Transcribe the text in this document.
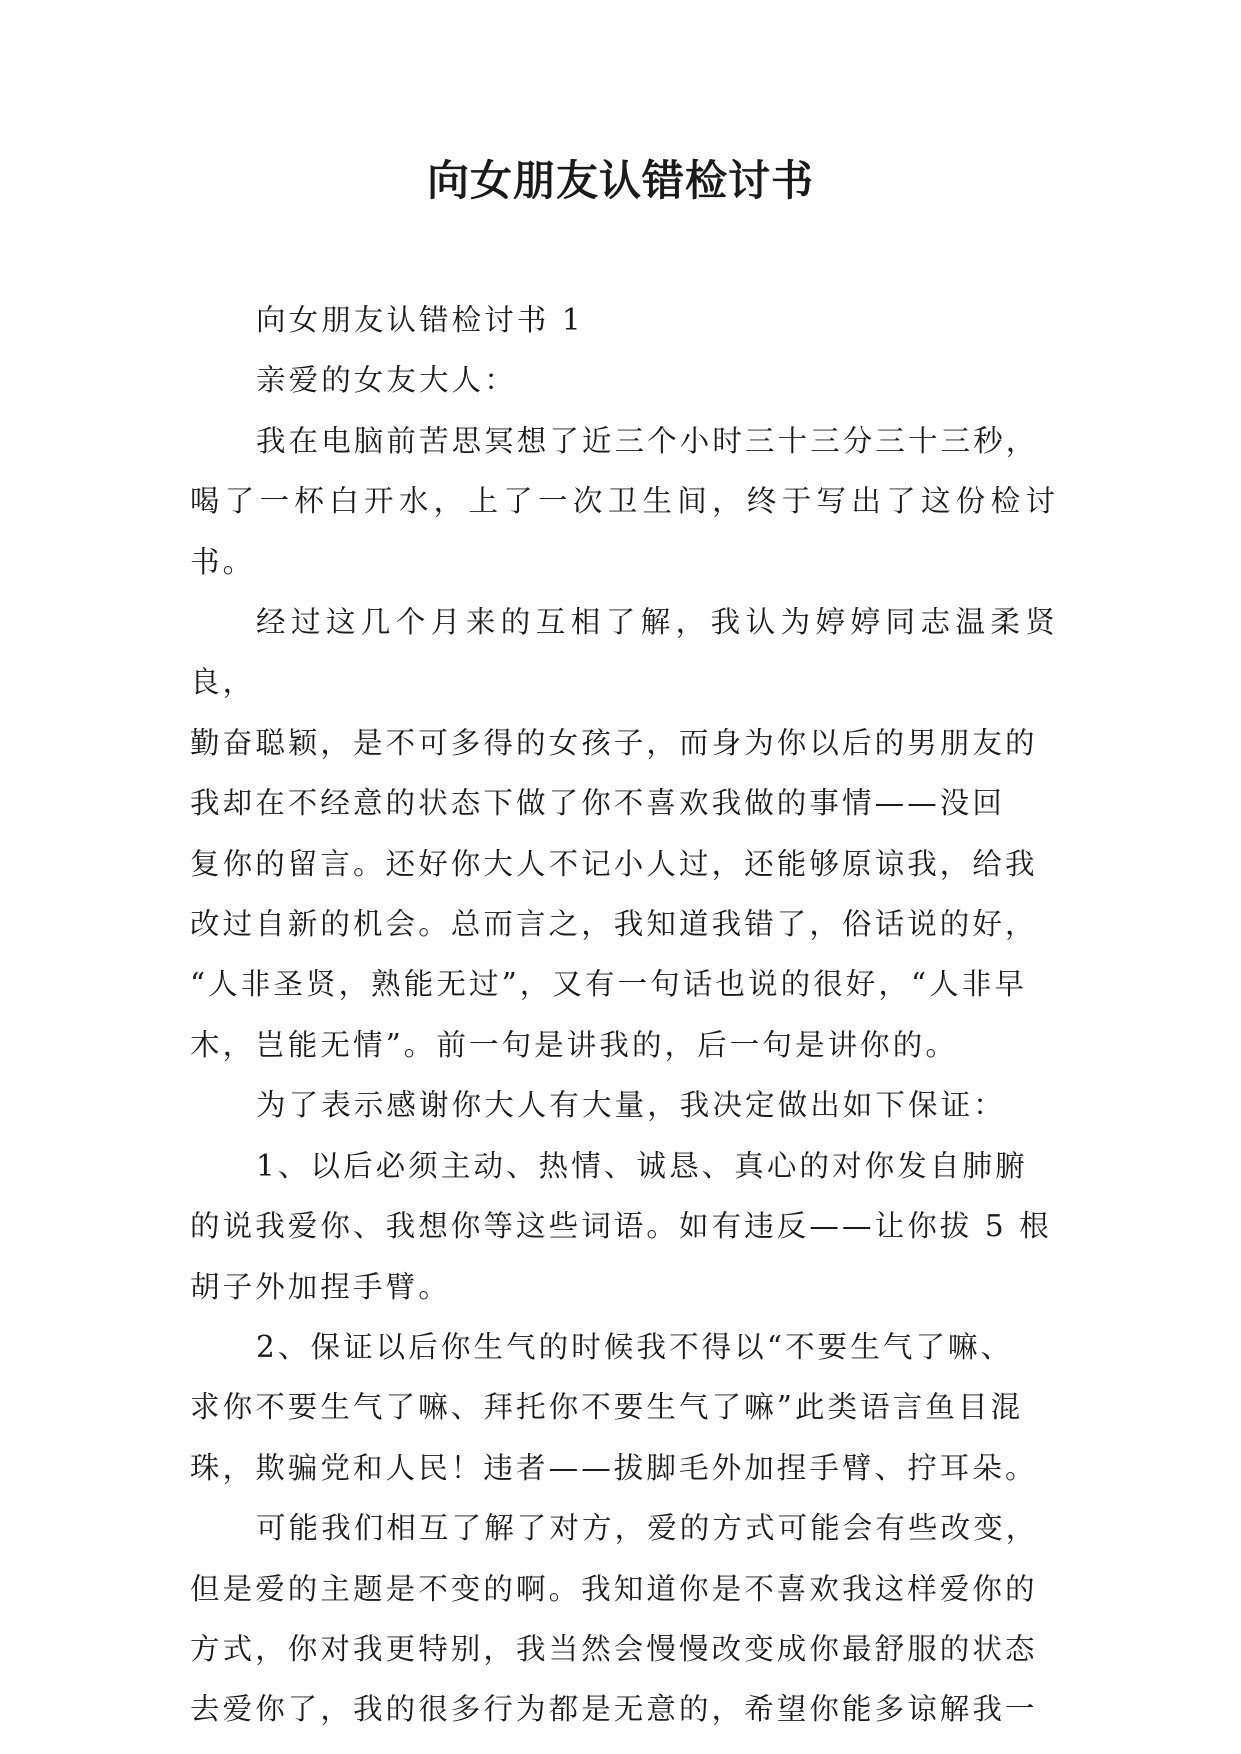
向女朋友认错检讨书

向女朋友认错检讨书 1

亲爱的女友大人：

我在电脑前苦思冥想了近三个小时三十三分三十三秒，
喝了一杯白开水，上了一次卫生间，终于写出了这份检讨书。

经过这几个月来的互相了解，我认为婷婷同志温柔贤良，
勤奋聪颖，是不可多得的女孩子，而身为你以后的男朋友的
我却在不经意的状态下做了你不喜欢我做的事情——没回
复你的留言。还好你大人不记小人过，还能够原谅我，给我
改过自新的机会。总而言之，我知道我错了，俗话说的好，
“人非圣贤，熟能无过”，又有一句话也说的很好，“人非早
木，岂能无情”。前一句是讲我的，后一句是讲你的。

为了表示感谢你大人有大量，我决定做出如下保证：

1、以后必须主动、热情、诚恳、真心的对你发自肺腑
的说我爱你、我想你等这些词语。如有违反——让你拔 5 根
胡子外加捏手臂。

2、保证以后你生气的时候我不得以“不要生气了嘛、
求你不要生气了嘛、拜托你不要生气了嘛”此类语言鱼目混
珠，欺骗党和人民！违者——拔脚毛外加捏手臂、拧耳朵。

可能我们相互了解了对方，爱的方式可能会有些改变，
但是爱的主题是不变的啊。我知道你是不喜欢我这样爱你的
方式，你对我更特别，我当然会慢慢改变成你最舒服的状态
去爱你了，我的很多行为都是无意的，希望你能多谅解我一
